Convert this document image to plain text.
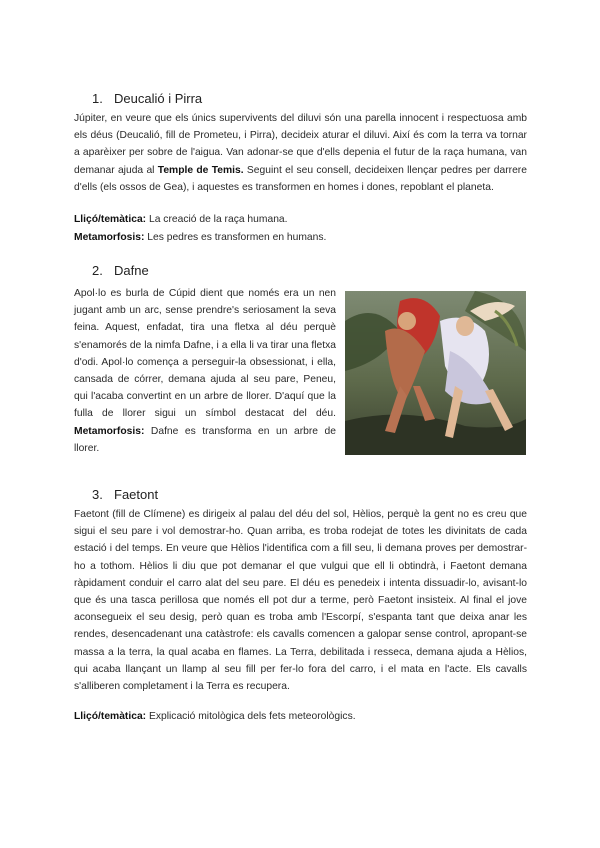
1. Deucalió i Pirra

Júpiter, en veure que els únics supervivents del diluvi són una parella innocent i respectuosa amb els déus (Deucalió, fill de Prometeu, i Pirra), decideix aturar el diluvi. Així és com la terra va tornar a aparèixer per sobre de l'aigua. Van adonar-se que d'ells depenia el futur de la raça humana, van demanar ajuda al Temple de Temis. Seguint el seu consell, decideixen llençar pedres per darrere d'ells (els ossos de Gea), i aquestes es transformen en homes i dones, repoblant el planeta.

Lliçó/temàtica: La creació de la raça humana.
Metamorfosis: Les pedres es transformen en humans.
2. Dafne

Apol·lo es burla de Cúpid dient que només era un nen jugant amb un arc, sense prendre's seriosament la seva feina. Aquest, enfadat, tira una fletxa al déu perquè s'enamorés de la nimfa Dafne, i a ella li va tirar una fletxa d'odi. Apol·lo comença a perseguir-la obsessionat, i ella, cansada de córrer, demana ajuda al seu pare, Peneu, qui l'acaba convertint en un arbre de llorer. D'aquí que la fulla de llorer sigui un símbol destacat del déu. Metamorfosis: Dafne es transforma en un arbre de llorer.

3. Faetont

Faetont (fill de Clímene) es dirigeix al palau del déu del sol, Hèlios, perquè la gent no es creu que sigui el seu pare i vol demostrar-ho. Quan arriba, es troba rodejat de totes les divinitats de cada estació i del temps. En veure que Hèlios l'identifica com a fill seu, li demana proves per demostrar-ho a tothom. Hèlios li diu que pot demanar el que vulgui que ell li obtindrà, i Faetont demana ràpidament conduir el carro alat del seu pare. El déu es penedeix i intenta dissuadir-lo, avisant-lo que és una tasca perillosa que només ell pot dur a terme, però Faetont insisteix. Al final el jove aconsegueix el seu desig, però quan es troba amb l'Escorpí, s'espanta tant que deixa anar les rendes, desencadenant una catàstrofe: els cavalls comencen a galopar sense control, apropant-se massa a la terra, la qual acaba en flames. La Terra, debilitada i resseca, demana ajuda a Hèlios, qui acaba llançant un llamp al seu fill per fer-lo fora del carro, i el mata en l'acte. Els cavalls s'alliberen completament i la Terra es recupera.

Lliçó/temàtica: Explicació mitològica dels fets meteorològics.
